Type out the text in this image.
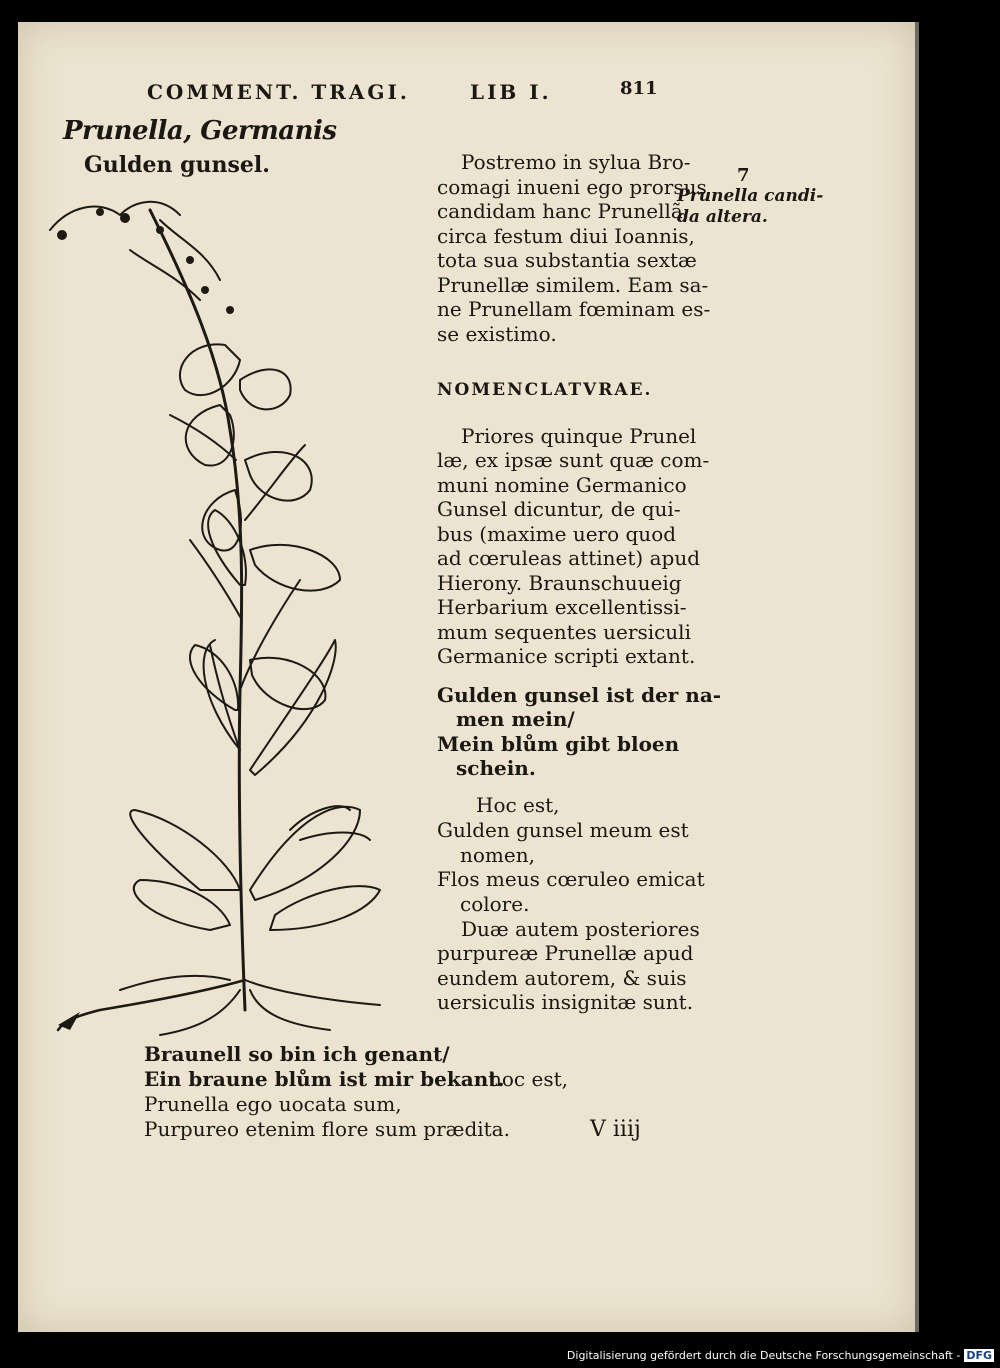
COMMENT. TRAGI.	LIB I.	811
Prunella, Germanis
Gulden gunsel.	7
Prunella candi-
da altera.
Postremo in sylua Bro-
comagi inueni ego prorsus
candidam hanc Prunellã,
circa festum diui Ioannis,
tota sua substantia sextæ
Prunellæ similem. Eam sa-
ne Prunellam fœminam es-
se existimo.
NOMENCLATVRAE.
Priores quinque Prunel
læ, ex ipsæ sunt quæ com-
muni nomine Germanico
Gunsel dicuntur, de qui-
bus (maxime uero quod
ad cœruleas attinet) apud
Hierony. Braunschuueig
Herbarium excellentissi-
mum sequentes uersiculi
Germanice scripti extant.
Gulden gunsel ist der na-
men mein/
Mein blům gibt bloen
schein.
Hoc est,
Gulden gunsel meum est
nomen,
Flos meus cœruleo emicat
colore.
Duæ autem posteriores
purpureæ Prunellæ apud
eundem autorem, & suis
uersiculis insignitæ sunt.
Braunell so bin ich genant/
Ein braune blům ist mir bekant.
Prunella ego uocata sum,
Purpureo etenim flore sum prædita.
hoc est,
V iiij
Digitalisierung gefördert durch die Deutsche Forschungsgemeinschaft - DFG
